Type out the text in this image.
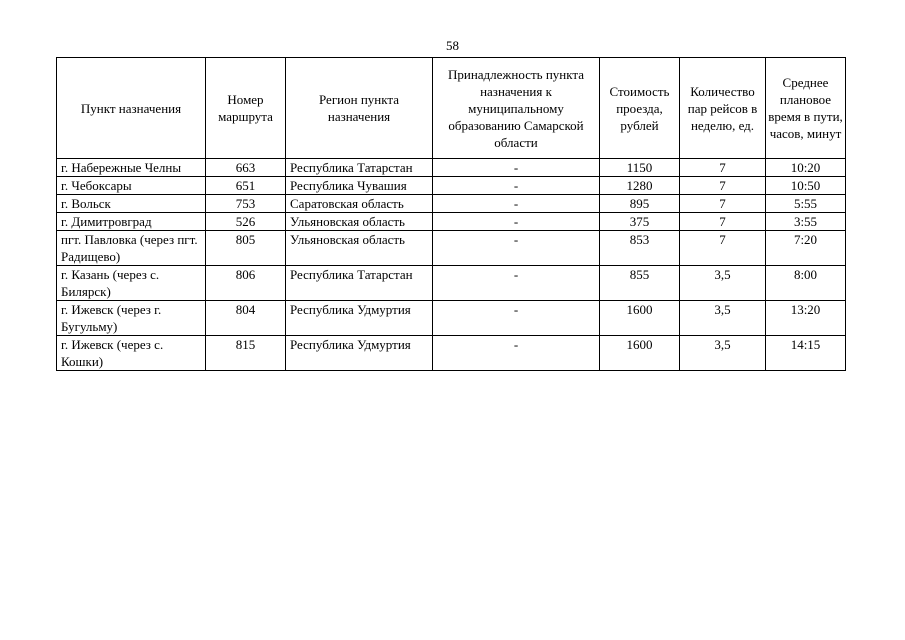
58
Пункт назначения	Номер маршрута	Регион пункта назначения	Принадлежность пункта назначения к муниципальному образованию Самарской области	Стоимость проезда, рублей	Количество пар рейсов в неделю, ед.	Среднее плановое время в пути, часов, минут
г. Набережные Челны	663	Республика Татарстан	-	1150	7	10:20
г. Чебоксары	651	Республика Чувашия	-	1280	7	10:50
г. Вольск	753	Саратовская область	-	895	7	5:55
г. Димитровград	526	Ульяновская область	-	375	7	3:55
пгт. Павловка (через пгт. Радищево)	805	Ульяновская область	-	853	7	7:20
г. Казань (через с. Билярск)	806	Республика Татарстан	-	855	3,5	8:00
г. Ижевск (через г. Бугульму)	804	Республика Удмуртия	-	1600	3,5	13:20
г. Ижевск (через с. Кошки)	815	Республика Удмуртия	-	1600	3,5	14:15
